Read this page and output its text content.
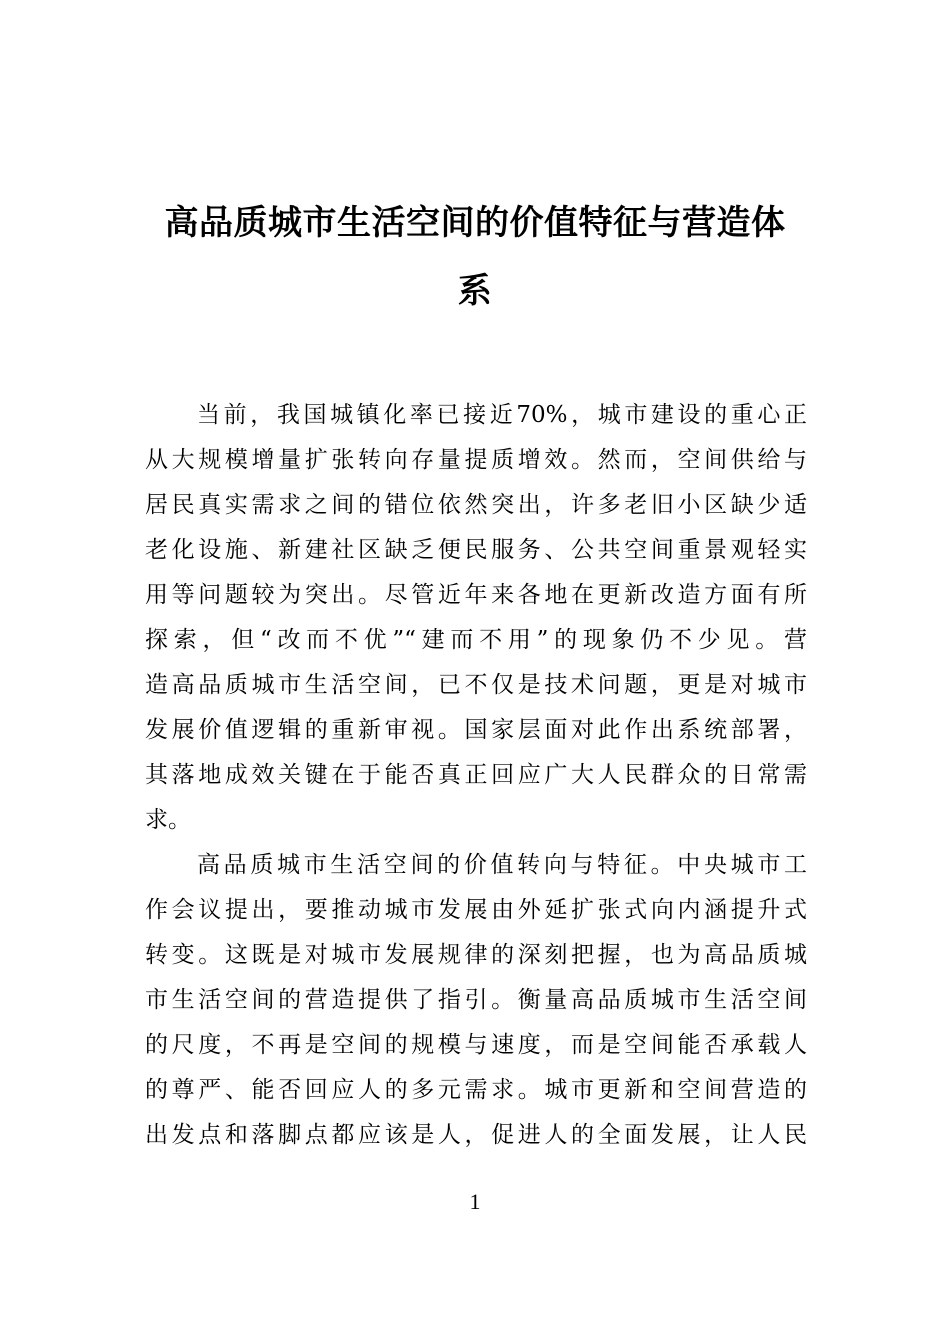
高品质城市生活空间的价值特征与营造体
系
当前，我国城镇化率已接近70%，城市建设的重心正
从大规模增量扩张转向存量提质增效。然而，空间供给与
居民真实需求之间的错位依然突出，许多老旧小区缺少适
老化设施、新建社区缺乏便民服务、公共空间重景观轻实
用等问题较为突出。尽管近年来各地在更新改造方面有所
探索，但“改而不优”“建而不用”的现象仍不少见。营
造高品质城市生活空间，已不仅是技术问题，更是对城市
发展价值逻辑的重新审视。国家层面对此作出系统部署，
其落地成效关键在于能否真正回应广大人民群众的日常需
求。
高品质城市生活空间的价值转向与特征。中央城市工
作会议提出，要推动城市发展由外延扩张式向内涵提升式
转变。这既是对城市发展规律的深刻把握，也为高品质城
市生活空间的营造提供了指引。衡量高品质城市生活空间
的尺度，不再是空间的规模与速度，而是空间能否承载人
的尊严、能否回应人的多元需求。城市更新和空间营造的
出发点和落脚点都应该是人，促进人的全面发展，让人民
1
